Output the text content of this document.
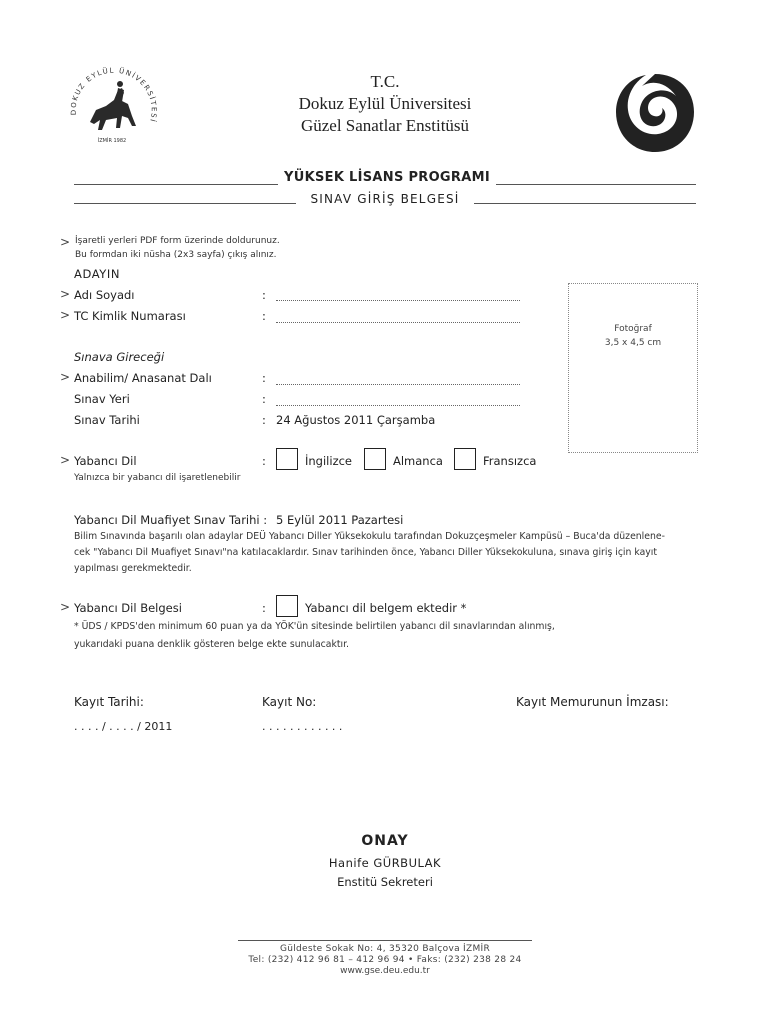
DOKUZ EYLÜL ÜNİVERSİTESİ
İZMİR 1982
T.C.
Dokuz Eylül Üniversitesi
Güzel Sanatlar Enstitüsü
YÜKSEK LİSANS PROGRAMI
SINAV GİRİŞ BELGESİ
> İşaretli yerleri PDF form üzerinde doldurunuz.
Bu formdan iki nüsha (2x3 sayfa) çıkış alınız.
ADAYIN
> Adı Soyadı	:
> TC Kimlik Numarası	:
Fotoğraf
3,5 x 4,5 cm
Sınava Gireceği
> Anabilim/ Anasanat Dalı	:
Sınav Yeri	:
Sınav Tarihi	: 24 Ağustos 2011 Çarşamba
> Yabancı Dil	:	İngilizce	Almanca	Fransızca
Yalnızca bir yabancı dil işaretlenebilir
Yabancı Dil Muafiyet Sınav Tarihi : 5 Eylül 2011 Pazartesi
Bilim Sınavında başarılı olan adaylar DEÜ Yabancı Diller Yüksekokulu tarafından Dokuzçeşmeler Kampüsü – Buca'da düzenlene-
cek "Yabancı Dil Muafiyet Sınavı"na katılacaklardır. Sınav tarihinden önce, Yabancı Diller Yüksekokuluna, sınava giriş için kayıt
yapılması gerekmektedir.
> Yabancı Dil Belgesi	:	Yabancı dil belgem ektedir *
* ÜDS / KPDS'den minimum 60 puan ya da YÖK'ün sitesinde belirtilen yabancı dil sınavlarından alınmış,
yukarıdaki puana denklik gösteren belge ekte sunulacaktır.
Kayıt Tarihi:
. . . . / . . . . / 2011
Kayıt No:
. . . . . . . . . . . .
Kayıt Memurunun İmzası:
ONAY
Hanife GÜRBULAK
Enstitü Sekreteri
Güldeste Sokak No: 4, 35320 Balçova İZMİR
Tel: (232) 412 96 81 – 412 96 94 • Faks: (232) 238 28 24
www.gse.deu.edu.tr
